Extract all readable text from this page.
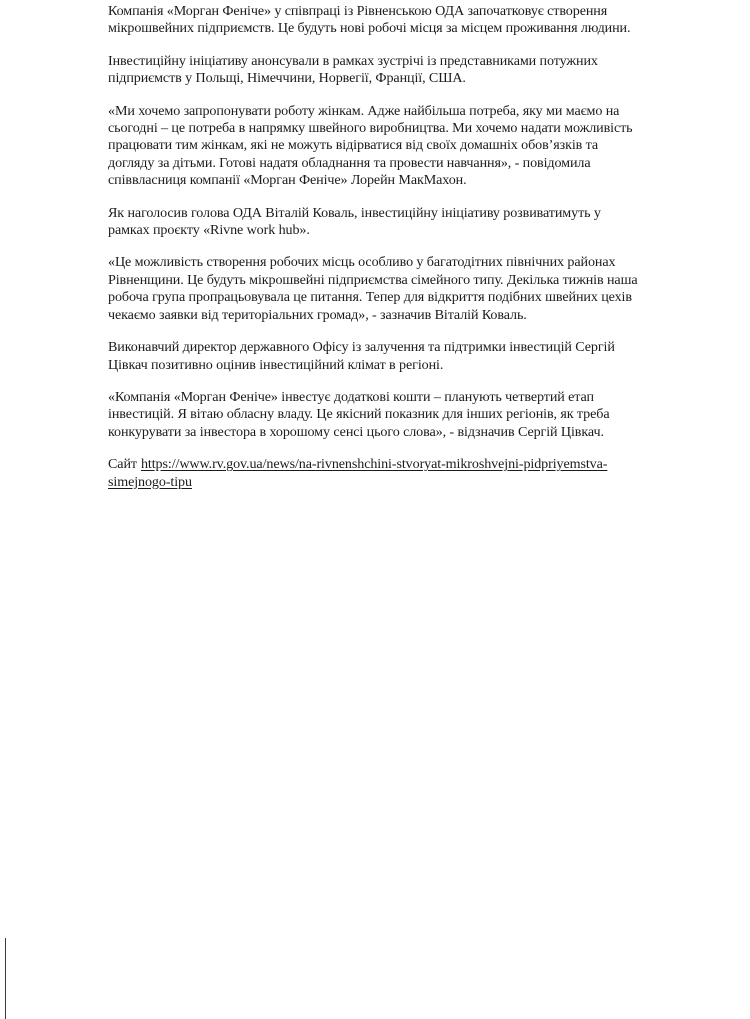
Компанія «Морган Феніче» у співпраці із Рівненською ОДА започатковує створення
мікрошвейних підприємств. Це будуть нові робочі місця за місцем проживання людини.
Інвестиційну ініціативу анонсували в рамках зустрічі із представниками потужних
підприємств у Польщі, Німеччини, Норвегії, Франції, США.
«Ми хочемо запропонувати роботу жінкам. Адже найбільша потреба, яку ми маємо на
сьогодні – це потреба в напрямку швейного виробництва. Ми хочемо надати можливість
працювати тим жінкам, які не можуть відірватися від своїх домашніх обов’язків та
догляду за дітьми. Готові надатя обладнання та провести навчання», - повідомила
співвласниця компанії «Морган Феніче» Лорейн МакМахон.
Як наголосив голова ОДА Віталій Коваль, інвестиційну ініціативу розвиватимуть у
рамках проєкту «Rivne work hub».
«Це можливість створення робочих місць особливо у багатодітних північних районах
Рівненщини. Це будуть мікрошвейні підприємства сімейного типу. Декілька тижнів наша
робоча група пропрацьовувала це питання. Тепер для відкриття подібних швейних цехів
чекаємо заявки від територіальних громад», - зазначив Віталій Коваль.
Виконавчий директор державного Офісу із залучення та підтримки інвестицій Сергій
Цівкач позитивно оцінив інвестиційний клімат в регіоні.
«Компанія «Морган Феніче» інвестує додаткові кошти – планують четвертий етап
інвестицій. Я вітаю обласну владу. Це якісний показник для інших регіонів, як треба
конкурувати за інвестора в хорошому сенсі цього слова», - відзначив Сергій Цівкач.
Сайт https://www.rv.gov.ua/news/na-rivnenshchini-stvoryat-mikroshvejni-pidpriyemstva-
simejnogo-tipu
